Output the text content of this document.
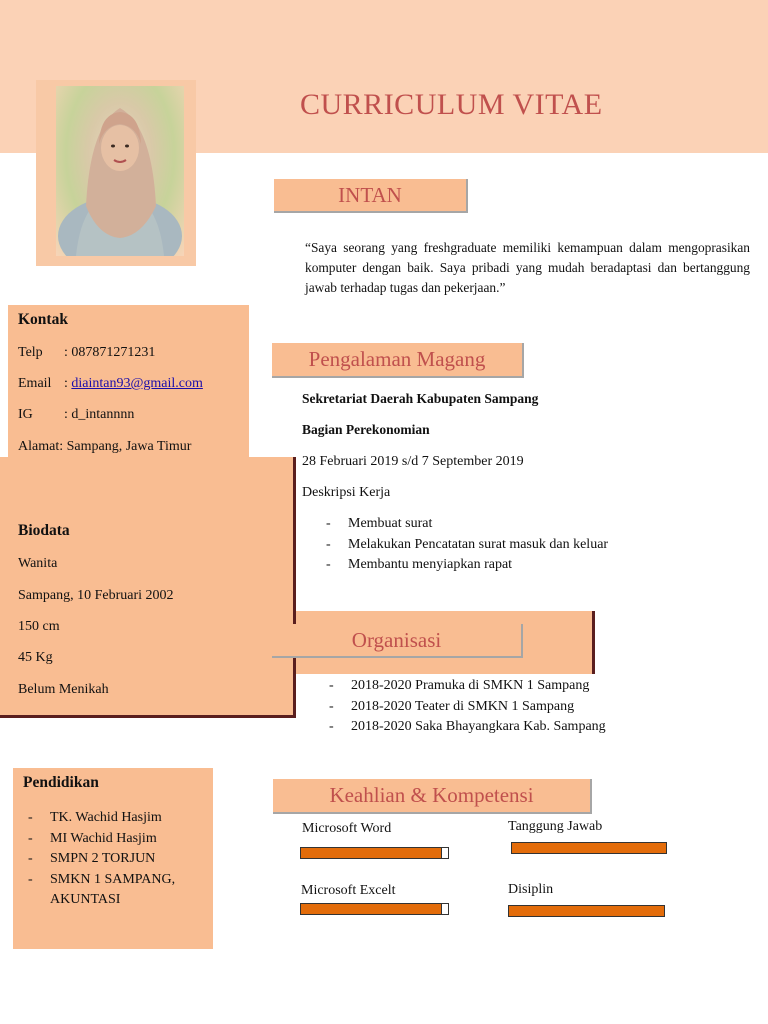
CURRICULUM VITAE
INTAN
“Saya seorang yang freshgraduate memiliki kemampuan dalam mengoprasikan komputer dengan baik. Saya pribadi yang mudah beradaptasi dan bertanggung jawab terhadap tugas dan pekerjaan.”
Kontak
Telp : 087871271231
Email : diaintan93@gmail.com
IG : d_intannnn
Alamat: Sampang, Jawa Timur
Biodata
Wanita
Sampang, 10 Februari 2002
150 cm
45 Kg
Belum Menikah
Pendidikan
- TK. Wachid Hasjim
- MI Wachid Hasjim
- SMPN 2 TORJUN
- SMKN 1 SAMPANG, AKUNTASI
Pengalaman Magang
Sekretariat Daerah Kabupaten Sampang
Bagian Perekonomian
28 Februari 2019 s/d 7 September 2019
Deskripsi Kerja
- Membuat surat
- Melakukan Pencatatan surat masuk dan keluar
- Membantu menyiapkan rapat
Organisasi
- 2018-2020 Pramuka di SMKN 1 Sampang
- 2018-2020 Teater di SMKN 1 Sampang
- 2018-2020 Saka Bhayangkara Kab. Sampang
Keahlian & Kompetensi
Microsoft Word	Tanggung Jawab
Microsoft Excelt	Disiplin
